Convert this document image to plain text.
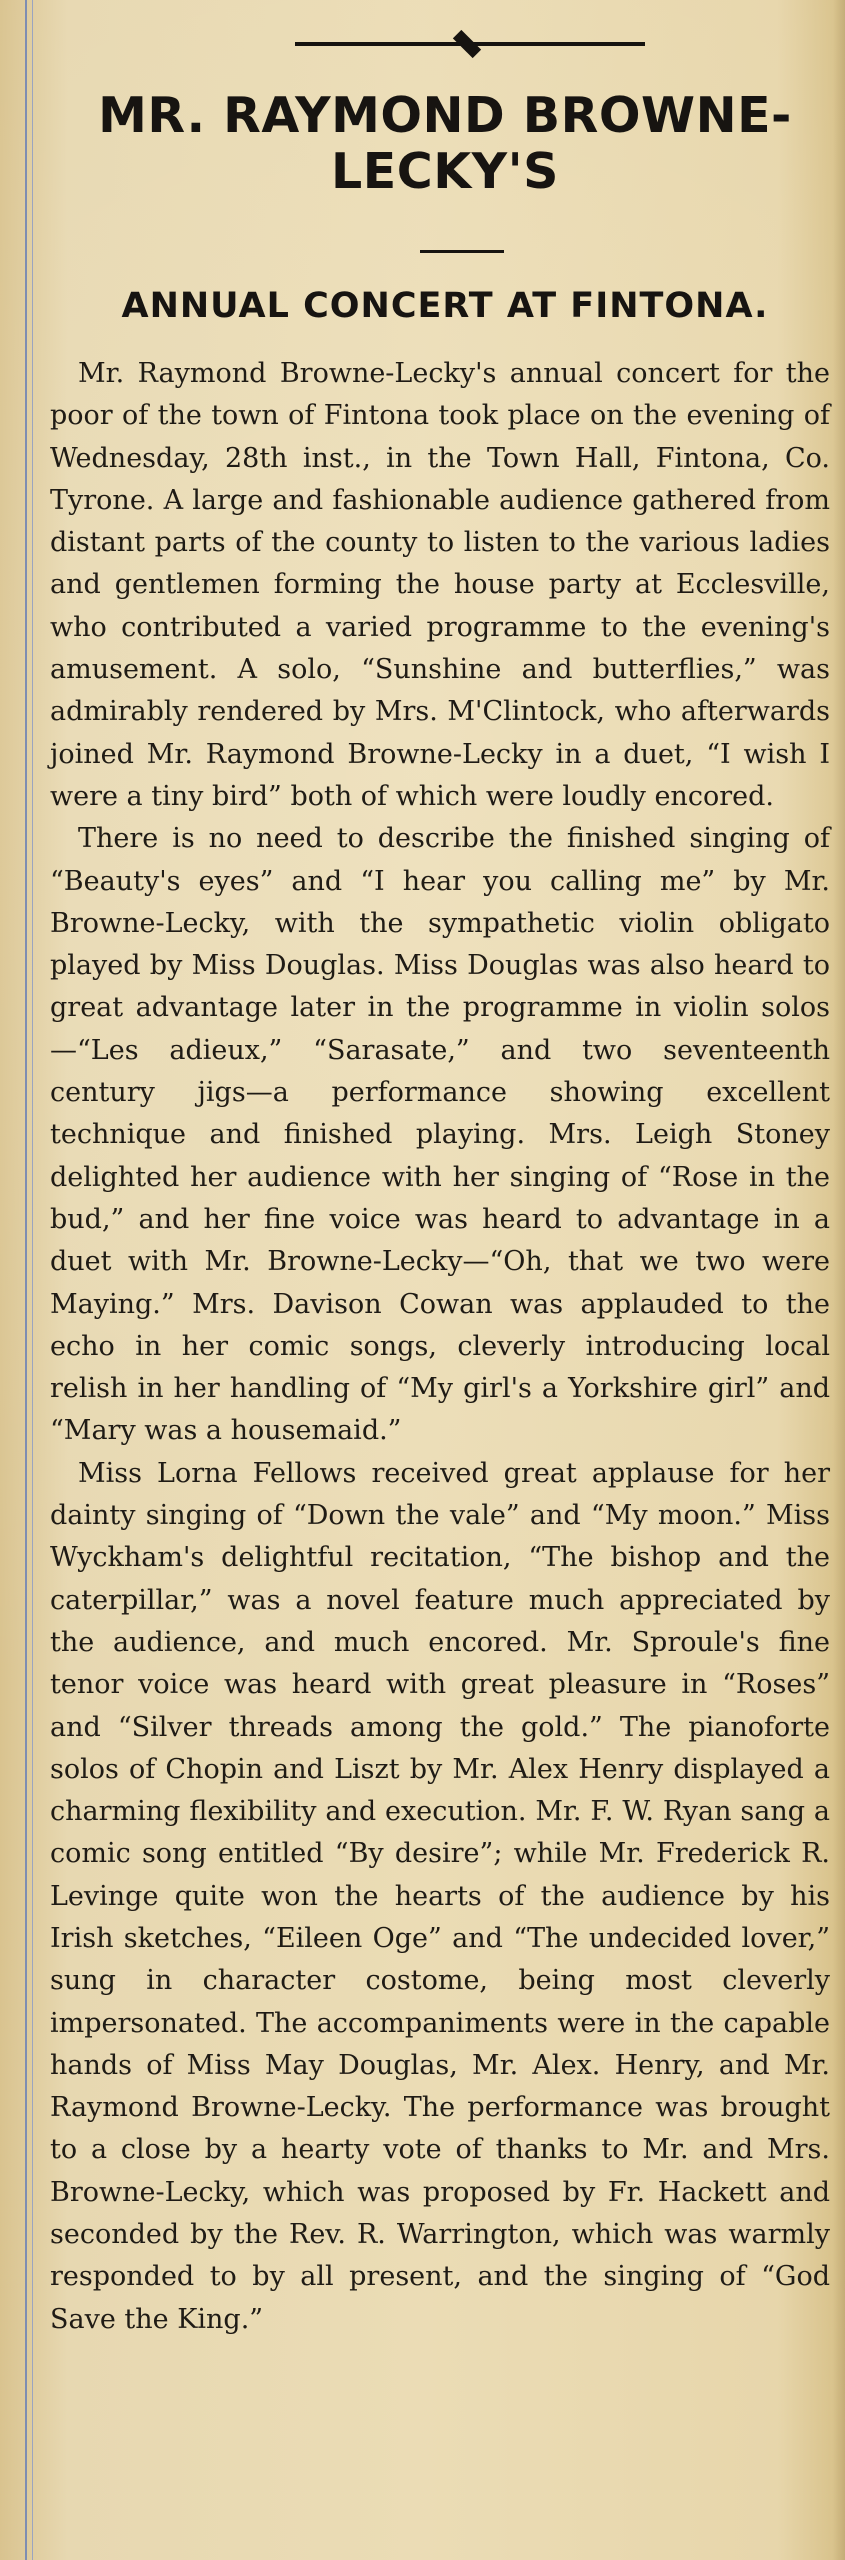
MR. RAYMOND BROWNE-
LECKY'S
ANNUAL CONCERT AT FINTONA.

Mr. Raymond Browne-Lecky's annual concert for the poor of the town of Fintona took place on the evening of Wednesday, 28th inst., in the Town Hall, Fintona, Co. Tyrone. A large and fashionable audience gathered from distant parts of the county to listen to the various ladies and gentlemen forming the house party at Ecclesville, who contributed a varied programme to the evening's amusement. A solo, “Sunshine and butterflies,” was admirably rendered by Mrs. M'Clintock, who afterwards joined Mr. Raymond Browne-Lecky in a duet, “I wish I were a tiny bird” both of which were loudly encored.

There is no need to describe the finished singing of “Beauty's eyes” and “I hear you calling me” by Mr. Browne-Lecky, with the sympathetic violin obligato played by Miss Douglas. Miss Douglas was also heard to great advantage later in the programme in violin solos—“Les adieux,” “Sarasate,” and two seventeenth century jigs—a performance showing excellent technique and finished playing. Mrs. Leigh Stoney delighted her audience with her singing of “Rose in the bud,” and her fine voice was heard to advantage in a duet with Mr. Browne-Lecky—“Oh, that we two were Maying.” Mrs. Davison Cowan was applauded to the echo in her comic songs, cleverly introducing local relish in her handling of “My girl's a Yorkshire girl” and “Mary was a housemaid.”

Miss Lorna Fellows received great applause for her dainty singing of “Down the vale” and “My moon.” Miss Wyckham's delightful recitation, “The bishop and the caterpillar,” was a novel feature much appreciated by the audience, and much encored. Mr. Sproule's fine tenor voice was heard with great pleasure in “Roses” and “Silver threads among the gold.” The pianoforte solos of Chopin and Liszt by Mr. Alex Henry displayed a charming flexibility and execution. Mr. F. W. Ryan sang a comic song entitled “By desire”; while Mr. Frederick R. Levinge quite won the hearts of the audience by his Irish sketches, “Eileen Oge” and “The undecided lover,” sung in character costome, being most cleverly impersonated. The accompaniments were in the capable hands of Miss May Douglas, Mr. Alex. Henry, and Mr. Raymond Browne-Lecky. The performance was brought to a close by a hearty vote of thanks to Mr. and Mrs. Browne-Lecky, which was proposed by Fr. Hackett and seconded by the Rev. R. Warrington, which was warmly responded to by all present, and the singing of “God Save the King.”
